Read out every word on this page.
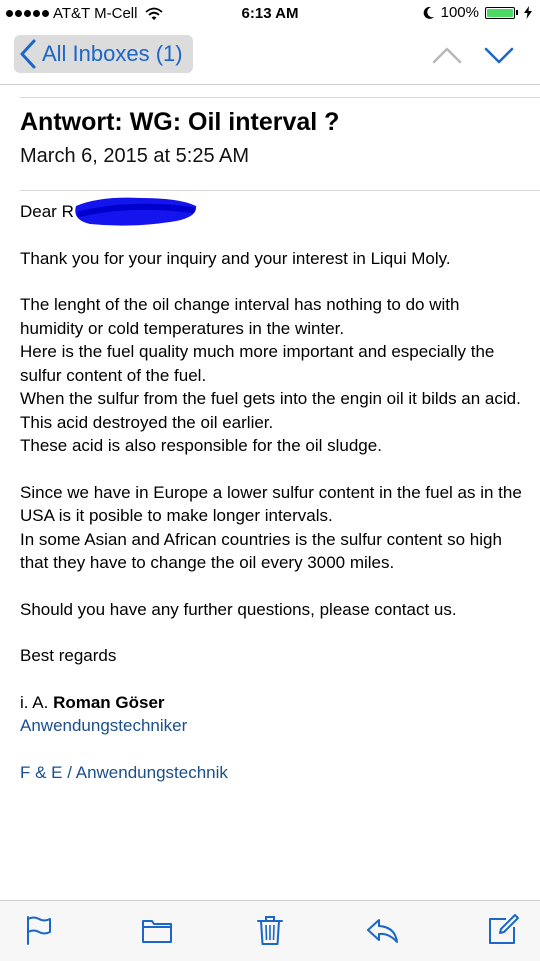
AT&T M-Cell	6:13 AM	100%
All Inboxes (1)
Antwort: WG: Oil interval ?
March 6, 2015 at 5:25 AM

Dear R

Thank you for your inquiry and your interest in Liqui Moly.

The lenght of the oil change interval has nothing to do with humidity or cold temperatures in the winter.

Here is the fuel quality much more important and especially the sulfur content of the fuel.

When the sulfur from the fuel gets into the engin oil it bilds an acid.

This acid destroyed the oil earlier.

These acid is also responsible for the oil sludge.

Since we have in Europe a lower sulfur content in the fuel as in the USA is it posible to make longer intervals.

In some Asian and African countries is the sulfur content so high that they have to change the oil every 3000 miles.

Should you have any further questions, please contact us.

Best regards

i. A. Roman Göser

Anwendungstechniker

F & E / Anwendungstechnik
